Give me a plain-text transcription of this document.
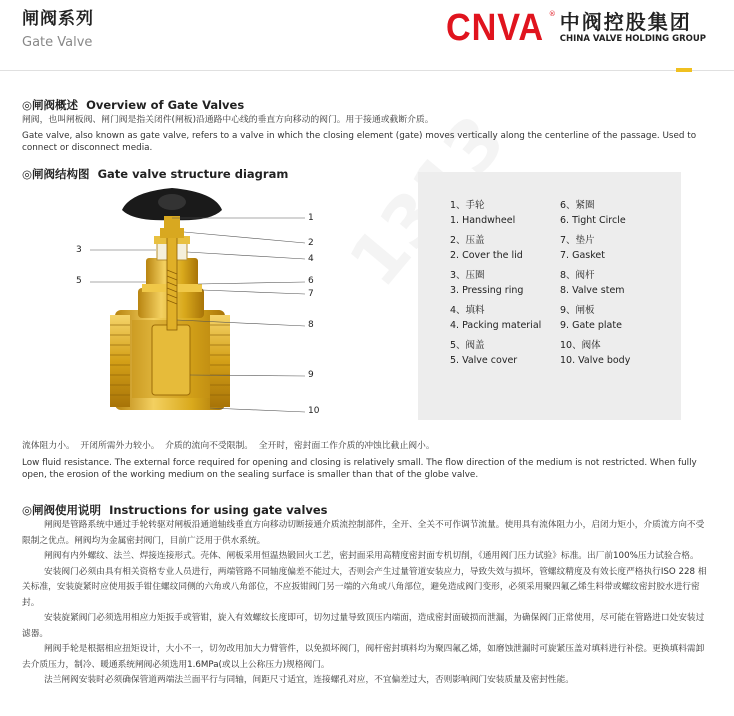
闸阀系列
Gate Valve	CNVA ® 中阀控股集团
CHINA VALVE HOLDING GROUP
◎闸阀概述 Overview of Gate Valves
闸阀，也叫闸板阀、闸门阀是指关闭件(闸板)沿通路中心线的垂直方向移动的阀门。用于接通或截断介质。
Gate valve, also known as gate valve, refers to a valve in which the closing element (gate) moves vertically along the centerline of the passage. Used to connect or disconnect media.
◎闸阀结构图 Gate valve structure diagram
1
2
3
4
5	6
7
8
9
10
1、手轮
1. Handwheel
2、压盖
2. Cover the lid
3、压圈
3. Pressing ring
4、填料
4. Packing material
5、阀盖
5. Valve cover
6、紧圈
6. Tight Circle
7、垫片
7. Gasket
8、阀杆
8. Valve stem
9、闸板
9. Gate plate
10、阀体
10. Valve body
流体阻力小。  开闭所需外力较小。  介质的流向不受限制。  全开时，密封面工作介质的冲蚀比截止阀小。
Low fluid resistance. The external force required for opening and closing is relatively small. The flow direction of the medium is not restricted. When fully open, the erosion of the working medium on the sealing surface is smaller than that of the globe valve.
◎闸阀使用说明 Instructions for using gate valves
闸阀是管路系统中通过手轮转驱对闸板沿通道轴线垂直方向移动切断接通介质流控制部件，全开、全关不可作调节流量。使用具有流体阻力小，启闭力矩小，介质流方向不受限制之优点。闸阀均为金属密封阀门，目前广泛用于供水系统。
闸阀有内外螺纹、法兰、焊接连接形式。壳体、闸板采用恒温热锻回火工艺，密封面采用高精度密封面专机切削，《通用阀门压力试验》标准。出厂前100%压力试验合格。
安装阀门必须由具有相关资格专业人员进行，两端管路不同轴度偏差不能过大，否则会产生过量管道安装应力，导致失效与损坏，管螺纹精度及有效长度严格执行ISO 228 相关标准，安装旋紧时应使用扳手钳住螺纹同侧的六角或八角部位，不应扳钳阀门另一端的六角或八角部位，避免造成阀门变形，必须采用聚四氟乙烯生料带或螺纹密封胶水进行密封。
安装旋紧阀门必须选用相应力矩扳手或管钳，旋入有效螺纹长度即可，切勿过量导致顶压内端面，造成密封面破损而泄漏，为确保阀门正常使用，尽可能在管路进口处安装过滤器。
闸阀手轮是根据相应扭矩设计，大小不一，切勿改用加大力臂管件，以免损坏阀门，阀杆密封填料均为聚四氟乙烯，如磨蚀泄漏时可旋紧压盖对填料进行补偿。更换填料需卸去介质压力，制冷、暖通系统闸阀必须选用1.6MPa(或以上公称压力)规格阀门。
法兰闸阀安装时必须确保管道两端法兰面平行与同轴，间距尺寸适宜，连接螺孔对应，不宜偏差过大，否则影响阀门安装质量及密封性能。
